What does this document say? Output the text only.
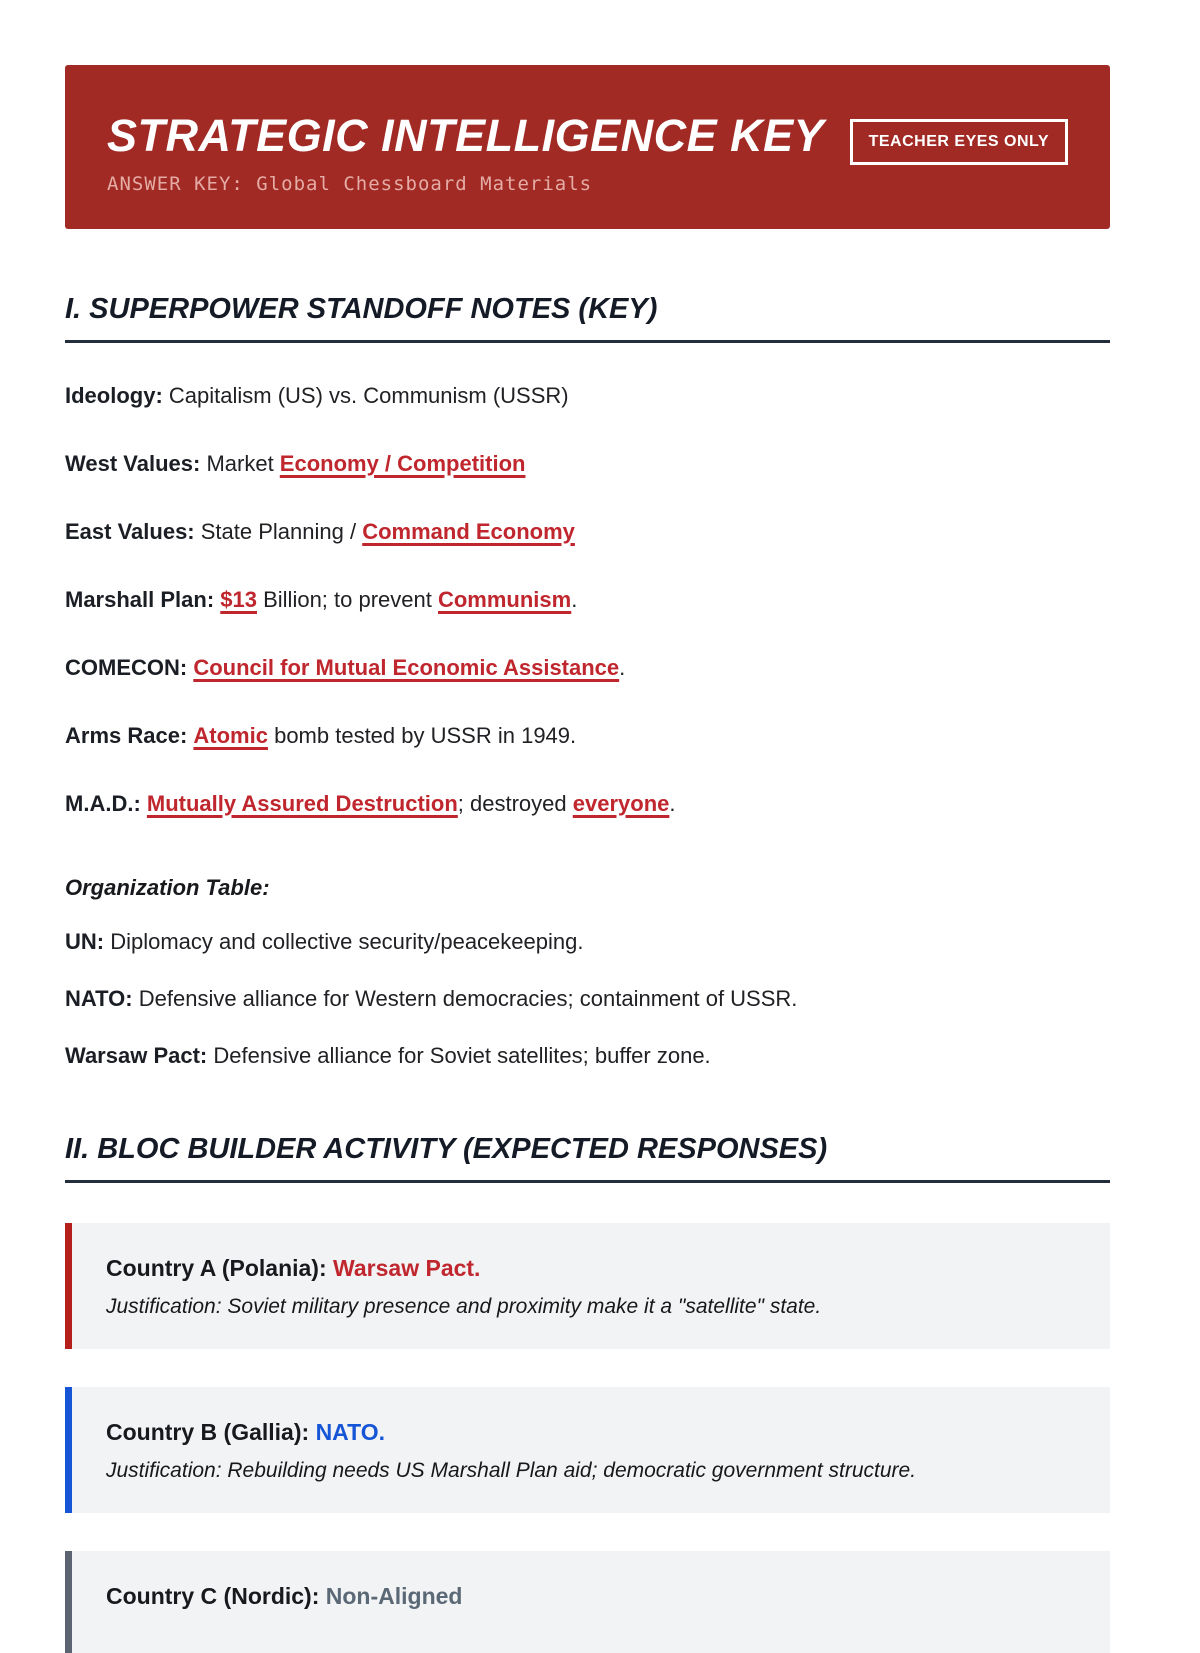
STRATEGIC INTELLIGENCE KEY	TEACHER EYES ONLY
ANSWER KEY: Global Chessboard Materials
I. SUPERPOWER STANDOFF NOTES (KEY)

Ideology: Capitalism (US) vs. Communism (USSR)

West Values: Market Economy / Competition

East Values: State Planning / Command Economy

Marshall Plan: $13 Billion; to prevent Communism.

COMECON: Council for Mutual Economic Assistance.

Arms Race: Atomic bomb tested by USSR in 1949.

M.A.D.: Mutually Assured Destruction; destroyed everyone.

Organization Table:

UN: Diplomacy and collective security/peacekeeping.

NATO: Defensive alliance for Western democracies; containment of USSR.

Warsaw Pact: Defensive alliance for Soviet satellites; buffer zone.

II. BLOC BUILDER ACTIVITY (EXPECTED RESPONSES)

Country A (Polania): Warsaw Pact.

Justification: Soviet military presence and proximity make it a "satellite" state.

Country B (Gallia): NATO.

Justification: Rebuilding needs US Marshall Plan aid; democratic government structure.

Country C (Nordic): Non-Aligned
